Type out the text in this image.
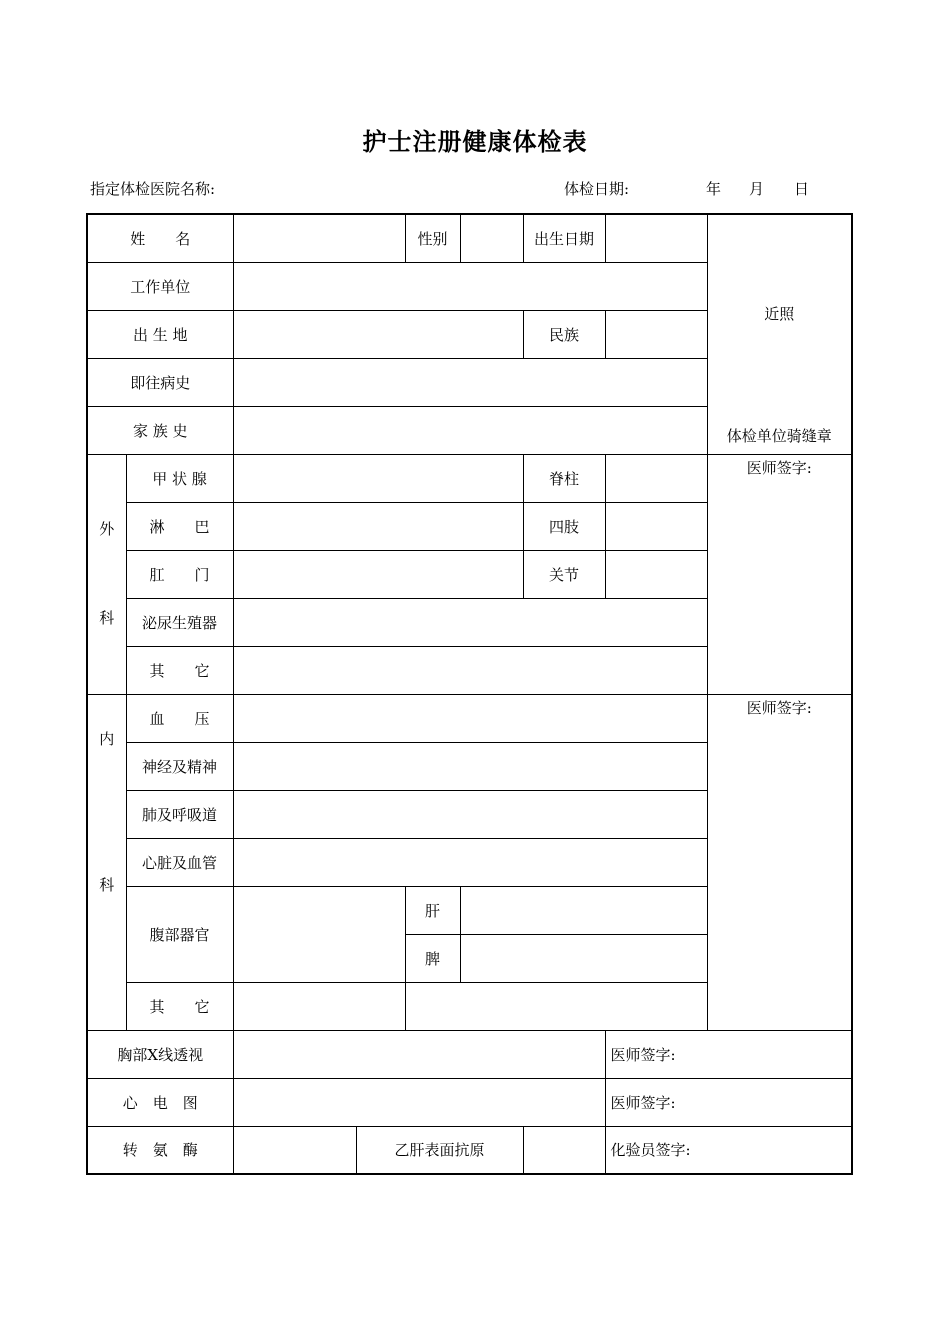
护士注册健康体检表
指定体检医院名称:	体检日期:	年 月 日
姓　　名				性别		出生日期		近照
体检单位骑缝章

工作单位								
出 生 地						民族		
即往病史								
家 族 史								

外
科	甲 状 腺					脊柱		医师签字:
	淋　　巴					四肢		
	肛　　门					关节		
	泌尿生殖器							
	其　　它							

内
科	血　　压							医师签字:
	神经及精神							
	肺及呼吸道							
	心脏及血管							
	腹部器官			肝				
				脾				
	其　　它							
胸部X线透视							医师签字:	
心　电　图							医师签字:	
转　氨　酶			乙肝表面抗原				化验员签字:	
